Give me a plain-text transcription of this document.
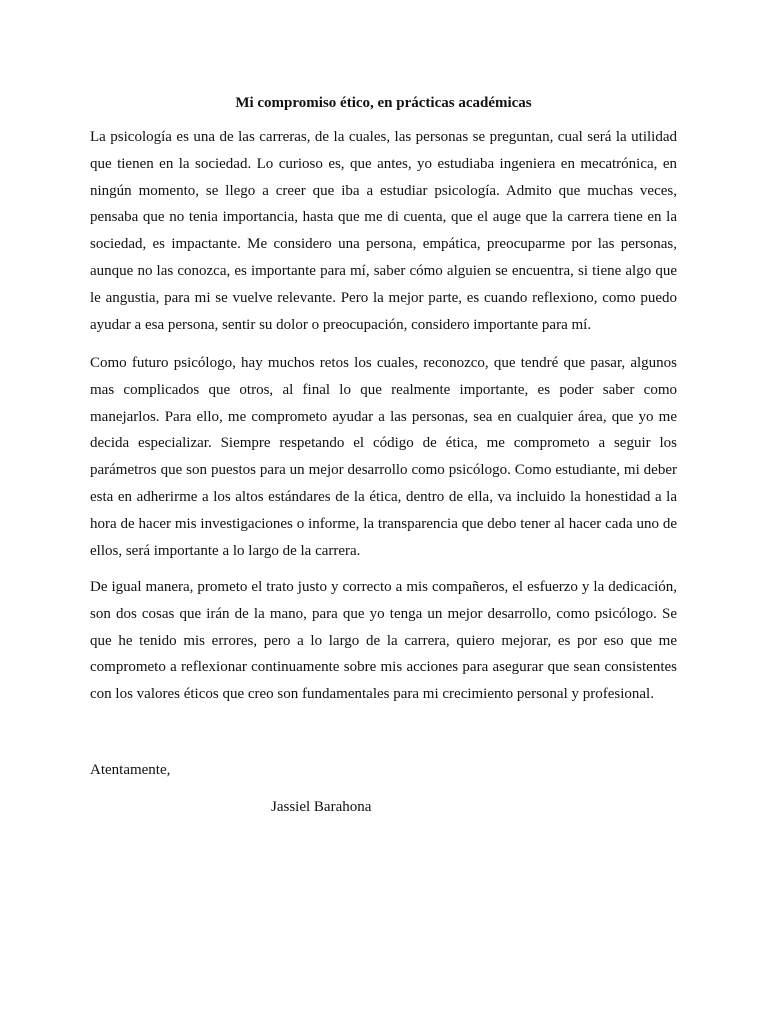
Mi compromiso ético, en prácticas académicas

La psicología es una de las carreras, de la cuales, las personas se preguntan, cual será la utilidad que tienen en la sociedad. Lo curioso es, que antes, yo estudiaba ingeniera en mecatrónica, en ningún momento, se llego a creer que iba a estudiar psicología. Admito que muchas veces, pensaba que no tenia importancia, hasta que me di cuenta, que el auge que la carrera tiene en la sociedad, es impactante. Me considero una persona, empática, preocuparme por las personas, aunque no las conozca, es importante para mí, saber cómo alguien se encuentra, si tiene algo que le angustia, para mi se vuelve relevante. Pero la mejor parte, es cuando reflexiono, como puedo ayudar a esa persona, sentir su dolor o preocupación, considero importante para mí.

Como futuro psicólogo, hay muchos retos los cuales, reconozco, que tendré que pasar, algunos mas complicados que otros, al final lo que realmente importante, es poder saber como manejarlos. Para ello, me comprometo ayudar a las personas, sea en cualquier área, que yo me decida especializar. Siempre respetando el código de ética, me comprometo a seguir los parámetros que son puestos para un mejor desarrollo como psicólogo. Como estudiante, mi deber esta en adherirme a los altos estándares de la ética, dentro de ella, va incluido la honestidad a la hora de hacer mis investigaciones o informe, la transparencia que debo tener al hacer cada uno de ellos, será importante a lo largo de la carrera.

De igual manera, prometo el trato justo y correcto a mis compañeros, el esfuerzo y la dedicación, son dos cosas que irán de la mano, para que yo tenga un mejor desarrollo, como psicólogo. Se que he tenido mis errores, pero a lo largo de la carrera, quiero mejorar, es por eso que me comprometo a reflexionar continuamente sobre mis acciones para asegurar que sean consistentes con los valores éticos que creo son fundamentales para mi crecimiento personal y profesional.

Atentamente,

Jassiel Barahona
